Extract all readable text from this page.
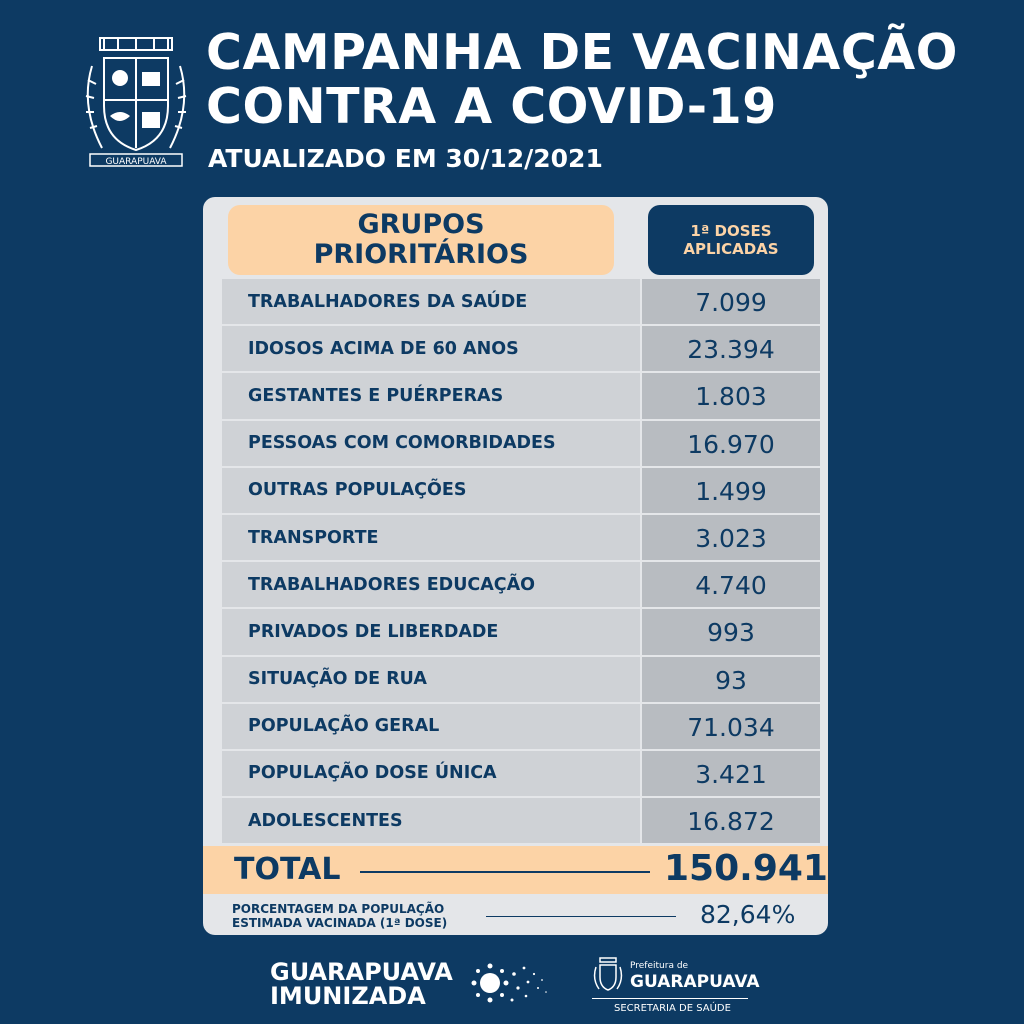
GUARAPUAVA
CAMPANHA DE VACINAÇÃO
CONTRA A COVID-19
ATUALIZADO EM 30/12/2021
GRUPOS
PRIORITÁRIOS
1ª DOSES
APLICADAS
TRABALHADORES DA SAÚDE	7.099
IDOSOS ACIMA DE 60 ANOS	23.394
GESTANTES E PUÉRPERAS	1.803
PESSOAS COM COMORBIDADES	16.970
OUTRAS POPULAÇÕES	1.499
TRANSPORTE	3.023
TRABALHADORES EDUCAÇÃO	4.740
PRIVADOS DE LIBERDADE	993
SITUAÇÃO DE RUA	93
POPULAÇÃO GERAL	71.034
POPULAÇÃO DOSE ÚNICA	3.421
ADOLESCENTES	16.872
TOTAL	150.941
PORCENTAGEM DA POPULAÇÃO
ESTIMADA VACINADA (1ª DOSE)	82,64%
GUARAPUAVA
IMUNIZADA
Prefeitura de
GUARAPUAVA
SECRETARIA DE SAÚDE
